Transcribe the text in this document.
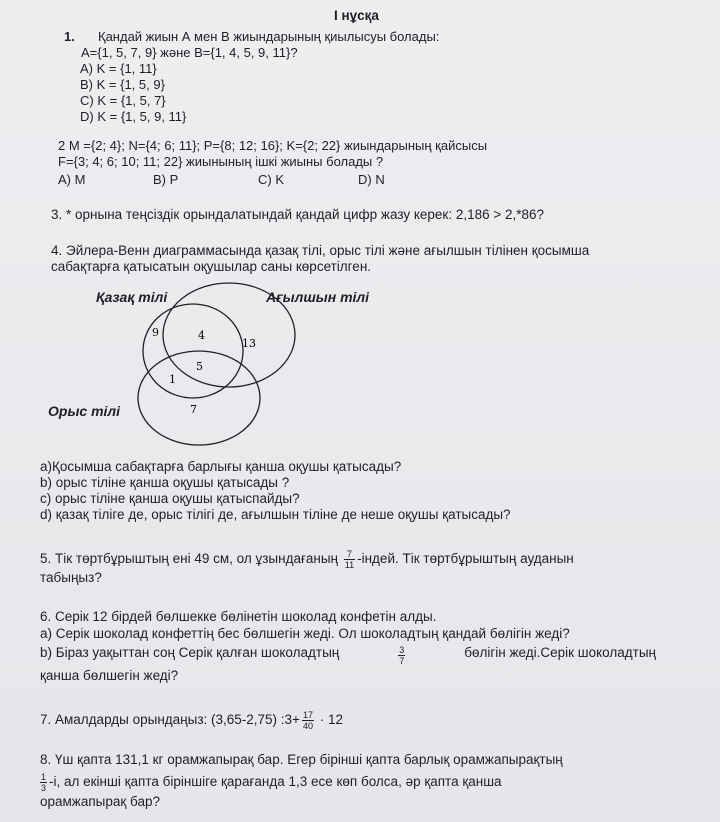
I нұсқа
1. Қандай жиын А мен В жиындарының қиылысуы болады:
A={1, 5, 7, 9} және B={1, 4, 5, 9, 11}?
A) K = {1, 11}
B) K = {1, 5, 9}
C) K = {1, 5, 7}
D) K = {1, 5, 9, 11}
2 M ={2; 4}; N={4; 6; 11}; P={8; 12; 16}; K={2; 22} жиындарының қайсысы
F={3; 4; 6; 10; 11; 22} жиынының ішкі жиыны болады ?
A) M	B) P	C) K	D) N
3. * орнына теңсіздік орындалатындай қандай цифр жазу керек: 2,186 > 2,*86?
4. Эйлера-Венн диаграммасында қазақ тілі, орыс тілі және ағылшын тілінен қосымша
сабақтарға қатысатын оқушылар саны көрсетілген.
Қазақ тілі	Ағылшын тілі
Орыс тілі
9	4
13
5
1
7
a)Қосымша сабақтарға барлығы қанша оқушы қатысады?
b) орыс тіліне қанша оқушы қатысады ?
c) орыс тіліне қанша оқушы қатыспайды?
d) қазақ тіліге де, орыс тілігі де, ағылшын тіліне де неше оқушы қатысады?
5. Тік төртбұрыштың ені 49 см, ол ұзындағаның $\frac{7}{11}$ -індей. Тік төртбұрыштың ауданын
табыңыз?
6. Серік 12 бірдей бөлшекке бөлінетін шоколад конфетін алды.
a) Серік шоколад конфеттің бес бөлшегін жеді. Ол шоколадтың қандай бөлігін жеді?
b) Біраз уақыттан соң Серік қалған шоколадтың	$\frac{3}{7}$	бөлігін жеді.Серік шоколадтың
қанша бөлшегін жеді?
7. Амалдарды орындаңыз: (3,65-2,75) :3+ $\frac{17}{40} \cdot 12$
8. Үш қапта 131,1 кг орамжапырақ бар. Егер бірінші қапта барлық орамжапырақтың
$\frac{1}{3} -і$, ал екінші қапта біріншіге қарағанда 1,3 есе көп болса, әр қапта қанша
орамжапырақ бар?
